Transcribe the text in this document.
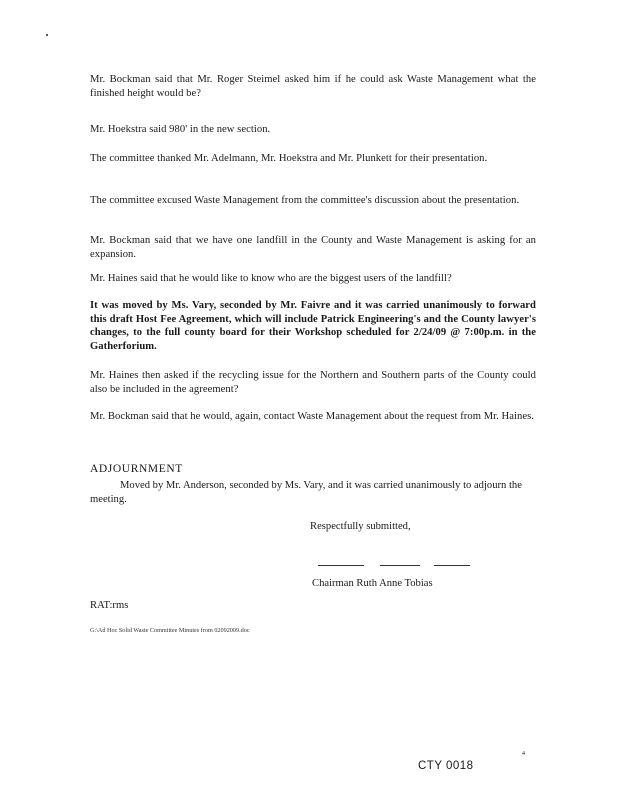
Mr. Bockman said that Mr. Roger Steimel asked him if he could ask Waste Management what the finished height would be?

Mr. Hoekstra said 980' in the new section.

The committee thanked Mr. Adelmann, Mr. Hoekstra and Mr. Plunkett for their presentation.

The committee excused Waste Management from the committee's discussion about the presentation.

Mr. Bockman said that we have one landfill in the County and Waste Management is asking for an expansion.

Mr. Haines said that he would like to know who are the biggest users of the landfill?

It was moved by Ms. Vary, seconded by Mr. Faivre and it was carried unanimously to forward this draft Host Fee Agreement, which will include Patrick Engineering's and the County lawyer's changes, to the full county board for their Workshop scheduled for 2/24/09 @ 7:00p.m. in the Gatherforium.

Mr. Haines then asked if the recycling issue for the Northern and Southern parts of the County could also be included in the agreement?

Mr. Bockman said that he would, again, contact Waste Management about the request from Mr. Haines.

ADJOURNMENT

Moved by Mr. Anderson, seconded by Ms. Vary, and it was carried unanimously to adjourn the meeting.

Respectfully submitted,

Chairman Ruth Anne Tobias

RAT:rms

G:\Ad Hoc Solid Waste Committee Minutes from 02092009.doc

4

CTY 0018
